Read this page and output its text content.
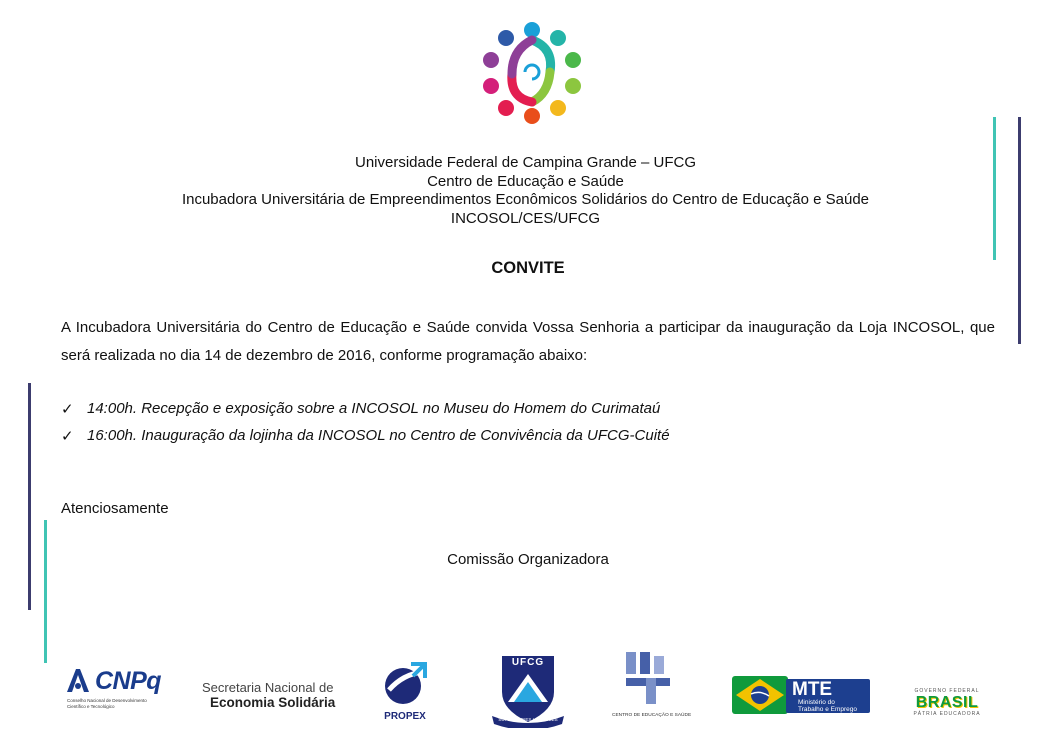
Universidade Federal de Campina Grande – UFCG
Centro de Educação e Saúde
Incubadora Universitária de Empreendimentos Econômicos Solidários do Centro de Educação e Saúde
INCOSOL/CES/UFCG
CONVITE
A Incubadora Universitária do Centro de Educação e Saúde convida Vossa Senhoria a participar da inauguração da Loja INCOSOL, que será realizada no dia 14 de dezembro de 2016, conforme programação abaixo:
✓ 14:00h. Recepção e exposição sobre a INCOSOL no Museu do Homem do Curimataú
✓ 16:00h. Inauguração da lojinha da INCOSOL no Centro de Convivência da UFCG-Cuité
Atenciosamente
Comissão Organizadora
CNPq
Conselho Nacional de Desenvolvimento
Científico e Tecnológico
Secretaria Nacional de
Economia Solidária
PROPEX
UFCG
SUPRA OMNES LUX LUCES
CENTRO DE EDUCAÇÃO E SAÚDE
MTE
Ministério do
Trabalho e Emprego
GOVERNO FEDERAL
BRASIL
PÁTRIA EDUCADORA
